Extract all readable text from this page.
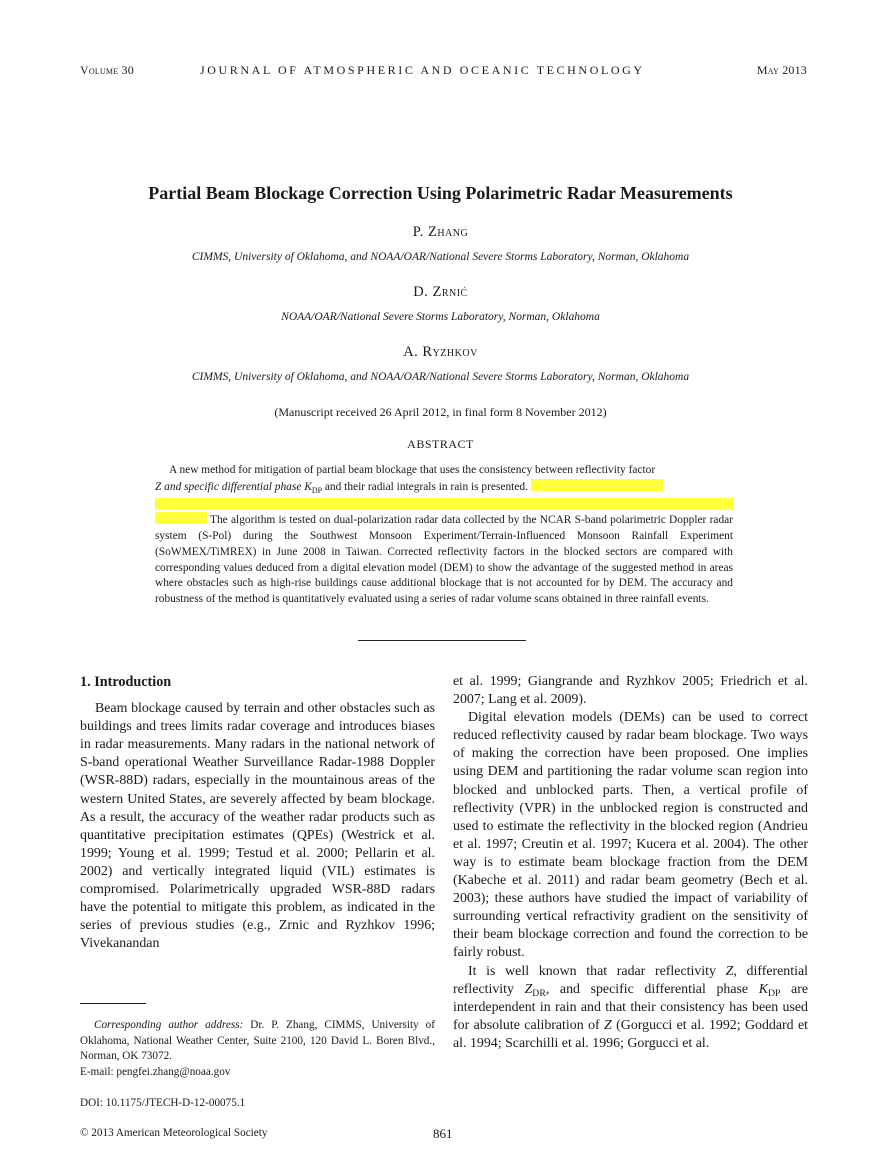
Volume 30	JOURNAL OF ATMOSPHERIC AND OCEANIC TECHNOLOGY	May 2013
Partial Beam Blockage Correction Using Polarimetric Radar Measurements
P. Zhang
CIMMS, University of Oklahoma, and NOAA/OAR/National Severe Storms Laboratory, Norman, Oklahoma
D. Zrnić
NOAA/OAR/National Severe Storms Laboratory, Norman, Oklahoma
A. Ryzhkov
CIMMS, University of Oklahoma, and NOAA/OAR/National Severe Storms Laboratory, Norman, Oklahoma
(Manuscript received 26 April 2012, in final form 8 November 2012)
ABSTRACT

A new method for mitigation of partial beam blockage that uses the consistency between reflectivity factor

Z and specific differential phase $K_{DP}$ and their radial integrals in rain is presented.
The algorithm is tested on dual-polarization radar data collected by the NCAR S-band polarimetric Doppler radar system (S-Pol) during the Southwest Monsoon Experiment/Terrain-Influenced Monsoon Rainfall Experiment (SoWMEX/TiMREX) in June 2008 in Taiwan. Corrected reflectivity factors in the blocked sectors are compared with corresponding values deduced from a digital elevation model (DEM) to show the advantage of the suggested method in areas where obstacles such as high-rise buildings cause additional blockage that is not accounted for by DEM. The accuracy and robustness of the method is quantitatively evaluated using a series of radar volume scans obtained in three rainfall events.
1. Introduction

Beam blockage caused by terrain and other obstacles such as buildings and trees limits radar coverage and introduces biases in radar measurements. Many radars in the national network of S-band operational Weather Surveillance Radar-1988 Doppler (WSR-88D) radars, especially in the mountainous areas of the western United States, are severely affected by beam blockage. As a result, the accuracy of the weather radar products such as quantitative precipitation estimates (QPEs) (Westrick et al. 1999; Young et al. 1999; Testud et al. 2000; Pellarin et al. 2002) and vertically integrated liquid (VIL) estimates is compromised. Polarimetrically upgraded WSR-88D radars have the potential to mitigate this problem, as indicated in the series of previous studies (e.g., Zrnic and Ryzhkov 1996; Vivekanandan

Corresponding author address: Dr. P. Zhang, CIMMS, University of Oklahoma, National Weather Center, Suite 2100, 120 David L. Boren Blvd., Norman, OK 73072.

E-mail: pengfei.zhang@noaa.gov

DOI: 10.1175/JTECH-D-12-00075.1
© 2013 American Meteorological Society	861

et al. 1999; Giangrande and Ryzhkov 2005; Friedrich et al. 2007; Lang et al. 2009).

Digital elevation models (DEMs) can be used to correct reduced reflectivity caused by radar beam blockage. Two ways of making the correction have been proposed. One implies using DEM and partitioning the radar volume scan region into blocked and unblocked parts. Then, a vertical profile of reflectivity (VPR) in the unblocked region is constructed and used to estimate the reflectivity in the blocked region (Andrieu et al. 1997; Creutin et al. 1997; Kucera et al. 2004). The other way is to estimate beam blockage fraction from the DEM (Kabeche et al. 2011) and radar beam geometry (Bech et al. 2003); these authors have studied the impact of variability of surrounding vertical refractivity gradient on the sensitivity of their beam blockage correction and found the correction to be fairly robust.

It is well known that radar reflectivity Z, differential reflectivity $Z_{DR}$, and specific differential phase $K_{DP}$ are interdependent in rain and that their consistency has been used for absolute calibration of Z (Gorgucci et al. 1992; Goddard et al. 1994; Scarchilli et al. 1996; Gorgucci et al.
